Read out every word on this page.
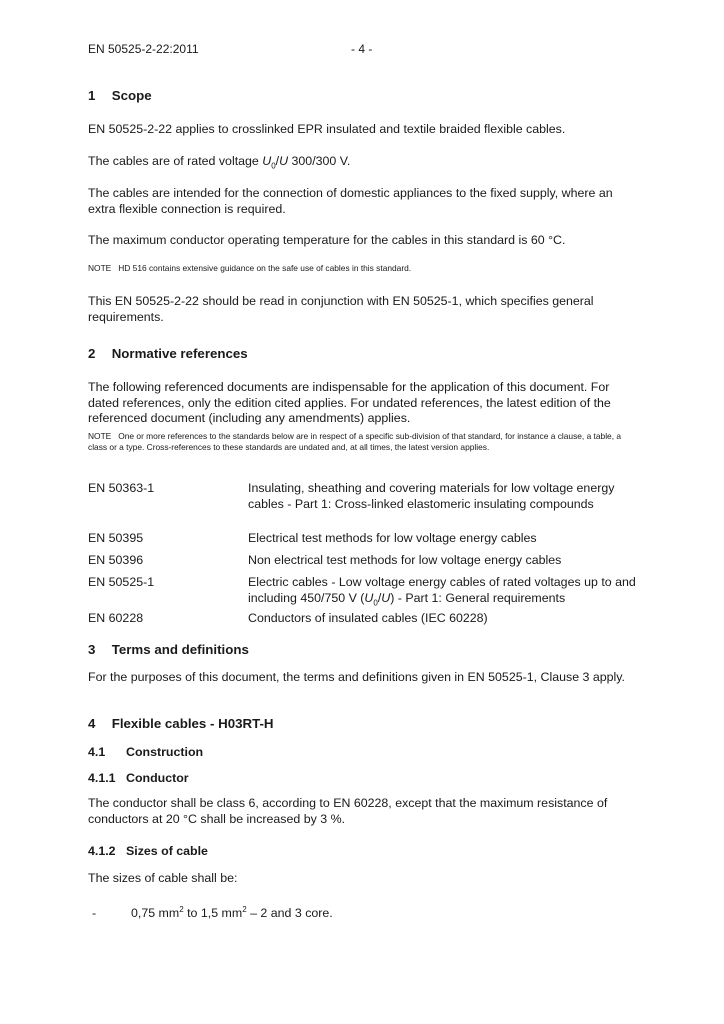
EN 50525-2-22:2011	- 4 -
1 Scope

EN 50525-2-22 applies to crosslinked EPR insulated and textile braided flexible cables.

The cables are of rated voltage $U_0/U$ 300/300 V.

The cables are intended for the connection of domestic appliances to the fixed supply, where an extra flexible connection is required.

The maximum conductor operating temperature for the cables in this standard is 60 °C.

NOTE HD 516 contains extensive guidance on the safe use of cables in this standard.

This EN 50525-2-22 should be read in conjunction with EN 50525-1, which specifies general requirements.

2 Normative references

The following referenced documents are indispensable for the application of this document. For dated references, only the edition cited applies. For undated references, the latest edition of the referenced document (including any amendments) applies.

NOTE One or more references to the standards below are in respect of a specific sub-division of that standard, for instance a clause, a table, a class or a type. Cross-references to these standards are undated and, at all times, the latest version applies.

EN 50363-1	Insulating, sheathing and covering materials for low voltage energy cables - Part 1: Cross-linked elastomeric insulating compounds
EN 50395	Electrical test methods for low voltage energy cables
EN 50396	Non electrical test methods for low voltage energy cables
EN 50525-1	Electric cables - Low voltage energy cables of rated voltages up to and including 450/750 V $(U_0/U)$ - Part 1: General requirements
EN 60228	Conductors of insulated cables (IEC 60228)
3 Terms and definitions

For the purposes of this document, the terms and definitions given in EN 50525-1, Clause 3 apply.

4 Flexible cables - H03RT-H
4.1 Construction
4.1.1 Conductor

The conductor shall be class 6, according to EN 60228, except that the maximum resistance of conductors at 20 °C shall be increased by 3 %.

4.1.2 Sizes of cable

The sizes of cable shall be:

-	0,75 $mm^2$ to 1,5 $mm^2 - 2$ and 3 core.
